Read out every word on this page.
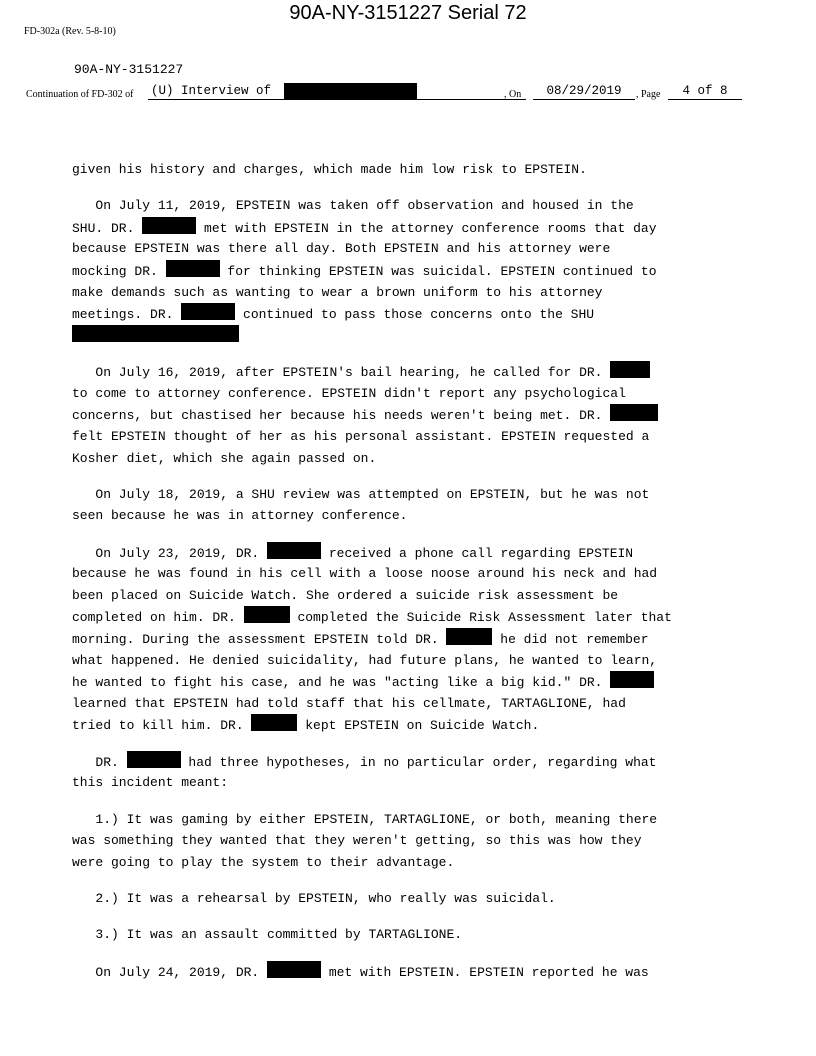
90A-NY-3151227 Serial 72
FD-302a (Rev. 5-8-10)
90A-NY-3151227
Continuation of FD-302 of (U) Interview of	, On	08/29/2019	, Page	4 of 8
given his history and charges, which made him low risk to EPSTEIN.
On July 11, 2019, EPSTEIN was taken off observation and housed in the
SHU. DR.	met with EPSTEIN in the attorney conference rooms that day
because EPSTEIN was there all day. Both EPSTEIN and his attorney were
mocking DR.	for thinking EPSTEIN was suicidal. EPSTEIN continued to
make demands such as wanting to wear a brown uniform to his attorney
meetings. DR.	continued to pass those concerns onto the SHU
On July 16, 2019, after EPSTEIN's bail hearing, he called for DR.
to come to attorney conference. EPSTEIN didn't report any psychological
concerns, but chastised her because his needs weren't being met. DR.
felt EPSTEIN thought of her as his personal assistant. EPSTEIN requested a
Kosher diet, which she again passed on.
On July 18, 2019, a SHU review was attempted on EPSTEIN, but he was not
seen because he was in attorney conference.
On July 23, 2019, DR.	received a phone call regarding EPSTEIN
because he was found in his cell with a loose noose around his neck and had
been placed on Suicide Watch. She ordered a suicide risk assessment be
completed on him. DR.	completed the Suicide Risk Assessment later that
morning. During the assessment EPSTEIN told DR.	he did not remember
what happened. He denied suicidality, had future plans, he wanted to learn,
he wanted to fight his case, and he was "acting like a big kid." DR.
learned that EPSTEIN had told staff that his cellmate, TARTAGLIONE, had
tried to kill him. DR.	kept EPSTEIN on Suicide Watch.
DR.	had three hypotheses, in no particular order, regarding what
this incident meant:
1.) It was gaming by either EPSTEIN, TARTAGLIONE, or both, meaning there
was something they wanted that they weren't getting, so this was how they
were going to play the system to their advantage.
2.) It was a rehearsal by EPSTEIN, who really was suicidal.
3.) It was an assault committed by TARTAGLIONE.
On July 24, 2019, DR.	met with EPSTEIN. EPSTEIN reported he was
